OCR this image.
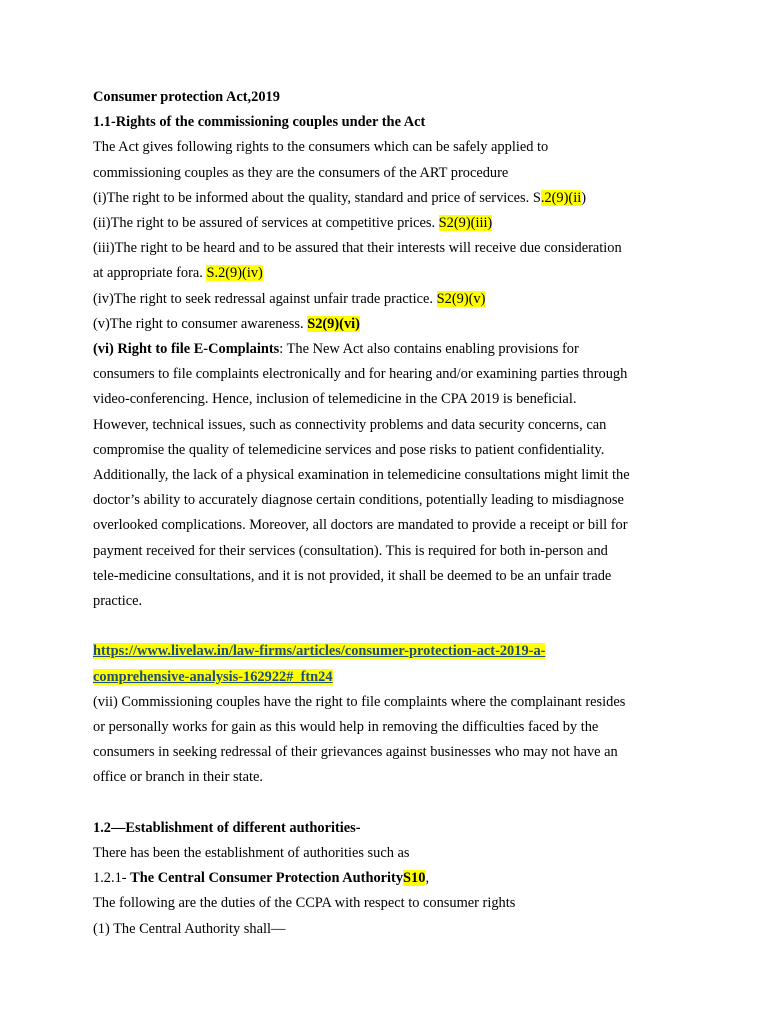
Consumer protection Act,2019
1.1-Rights of the commissioning couples under the Act
The Act gives following rights to the consumers which can be safely applied to
commissioning couples as they are the consumers of the ART procedure
(i)The right to be informed about the quality, standard and price of services. S.2(9)(ii)
(ii)The right to be assured of services at competitive prices. S2(9)(iii)
(iii)The right to be heard and to be assured that their interests will receive due consideration
at appropriate fora. S.2(9)(iv)
(iv)The right to seek redressal against unfair trade practice. S2(9)(v)
(v)The right to consumer awareness. S2(9)(vi)
(vi) Right to file E-Complaints: The New Act also contains enabling provisions for
consumers to file complaints electronically and for hearing and/or examining parties through
video-conferencing. Hence, inclusion of telemedicine in the CPA 2019 is beneficial.
However, technical issues, such as connectivity problems and data security concerns, can
compromise the quality of telemedicine services and pose risks to patient confidentiality.
Additionally, the lack of a physical examination in telemedicine consultations might limit the
doctor’s ability to accurately diagnose certain conditions, potentially leading to misdiagnose
overlooked complications. Moreover, all doctors are mandated to provide a receipt or bill for
payment received for their services (consultation). This is required for both in-person and
tele-medicine consultations, and it is not provided, it shall be deemed to be an unfair trade
practice.
https://www.livelaw.in/law-firms/articles/consumer-protection-act-2019-a-
comprehensive-analysis-162922#_ftn24
(vii) Commissioning couples have the right to file complaints where the complainant resides
or personally works for gain as this would help in removing the difficulties faced by the
consumers in seeking redressal of their grievances against businesses who may not have an
office or branch in their state.
1.2—Establishment of different authorities-
There has been the establishment of authorities such as
1.2.1- The Central Consumer Protection AuthorityS10,
The following are the duties of the CCPA with respect to consumer rights
(1) The Central Authority shall—
